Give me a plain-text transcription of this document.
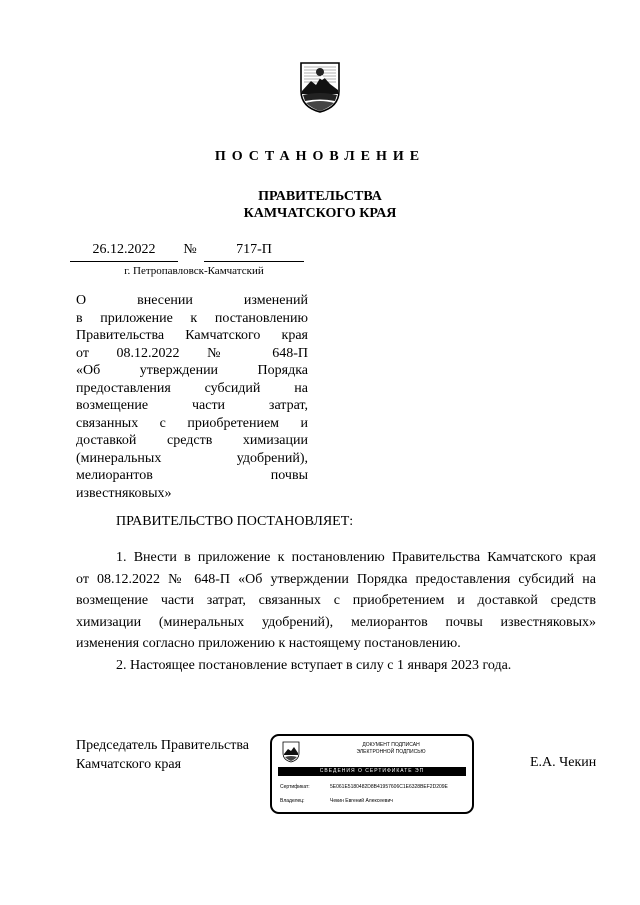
ПОСТАНОВЛЕНИЕ
ПРАВИТЕЛЬСТВА
КАМЧАТСКОГО КРАЯ
26.12.2022	№	717-П
г. Петропавловск-Камчатский
О внесении изменений
в приложение к постановлению
Правительства Камчатского края
от 08.12.2022 № 648-П
«Об утверждении Порядка
предоставления субсидий на
возмещение части затрат,
связанных с приобретением и
доставкой средств химизации
(минеральных удобрений),
мелиорантов почвы
известняковых»
ПРАВИТЕЛЬСТВО ПОСТАНОВЛЯЕТ:
1. Внести в приложение к постановлению Правительства Камчатского края
от 08.12.2022 № 648-П «Об утверждении Порядка предоставления субсидий на
возмещение части затрат, связанных с приобретением и доставкой средств
химизации (минеральных удобрений), мелиорантов почвы известняковых»
изменения согласно приложению к настоящему постановлению.
2. Настоящее постановление вступает в силу с 1 января 2023 года.
Председатель Правительства
Камчатского края
ДОКУМЕНТ ПОДПИСАН
ЭЛЕКТРОННОЙ ПОДПИСЬЮ
СВЕДЕНИЯ О СЕРТИФИКАТЕ ЭП
Сертификат:	5E061E5180482D8B41957606C1E6328BEF2D209E
Владелец:	Чекин Евгений Алексеевич
Е.А. Чекин
